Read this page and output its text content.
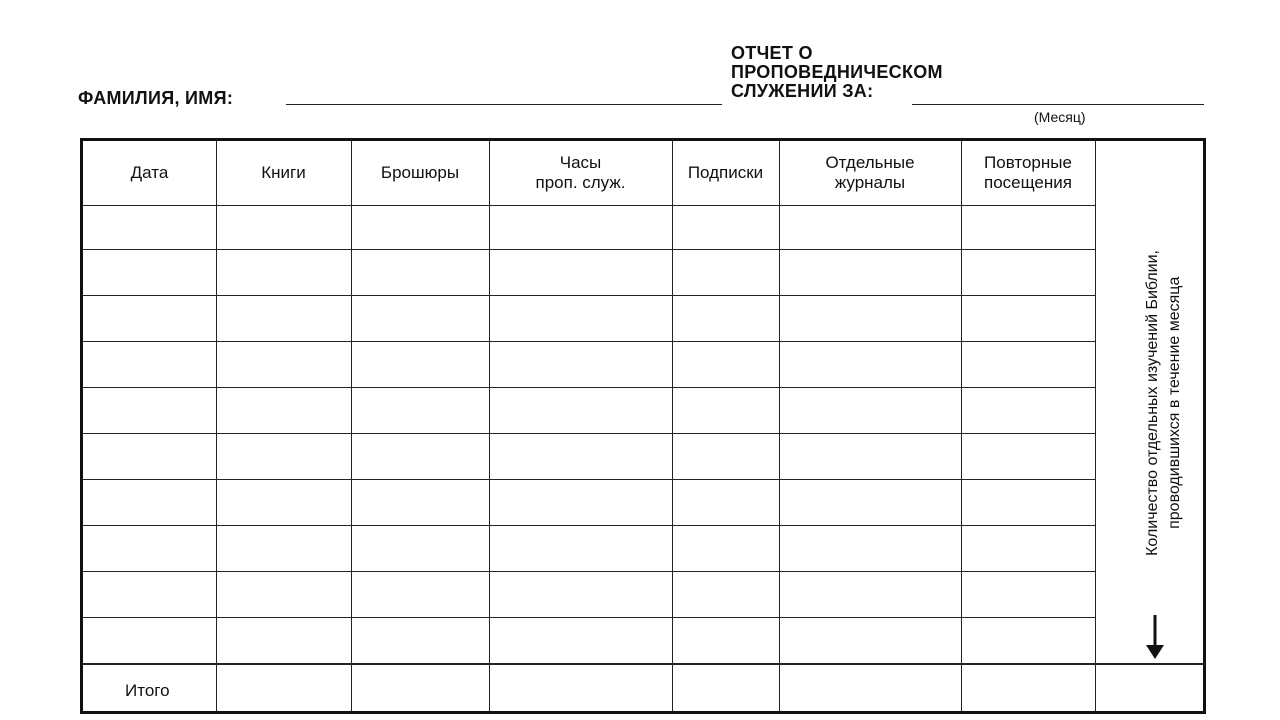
ФАМИЛИЯ, ИМЯ:
ОТЧЕТ О
ПРОПОВЕДНИЧЕСКОМ
СЛУЖЕНИИ ЗА:
(Месяц)
Дата	Книги	Брошюры
Часы
проп. служ.
Подписки
Отдельные
журналы
Повторные
посещения
Количество отдельных изучений Библии, проводившихся в течение месяца
Итого
